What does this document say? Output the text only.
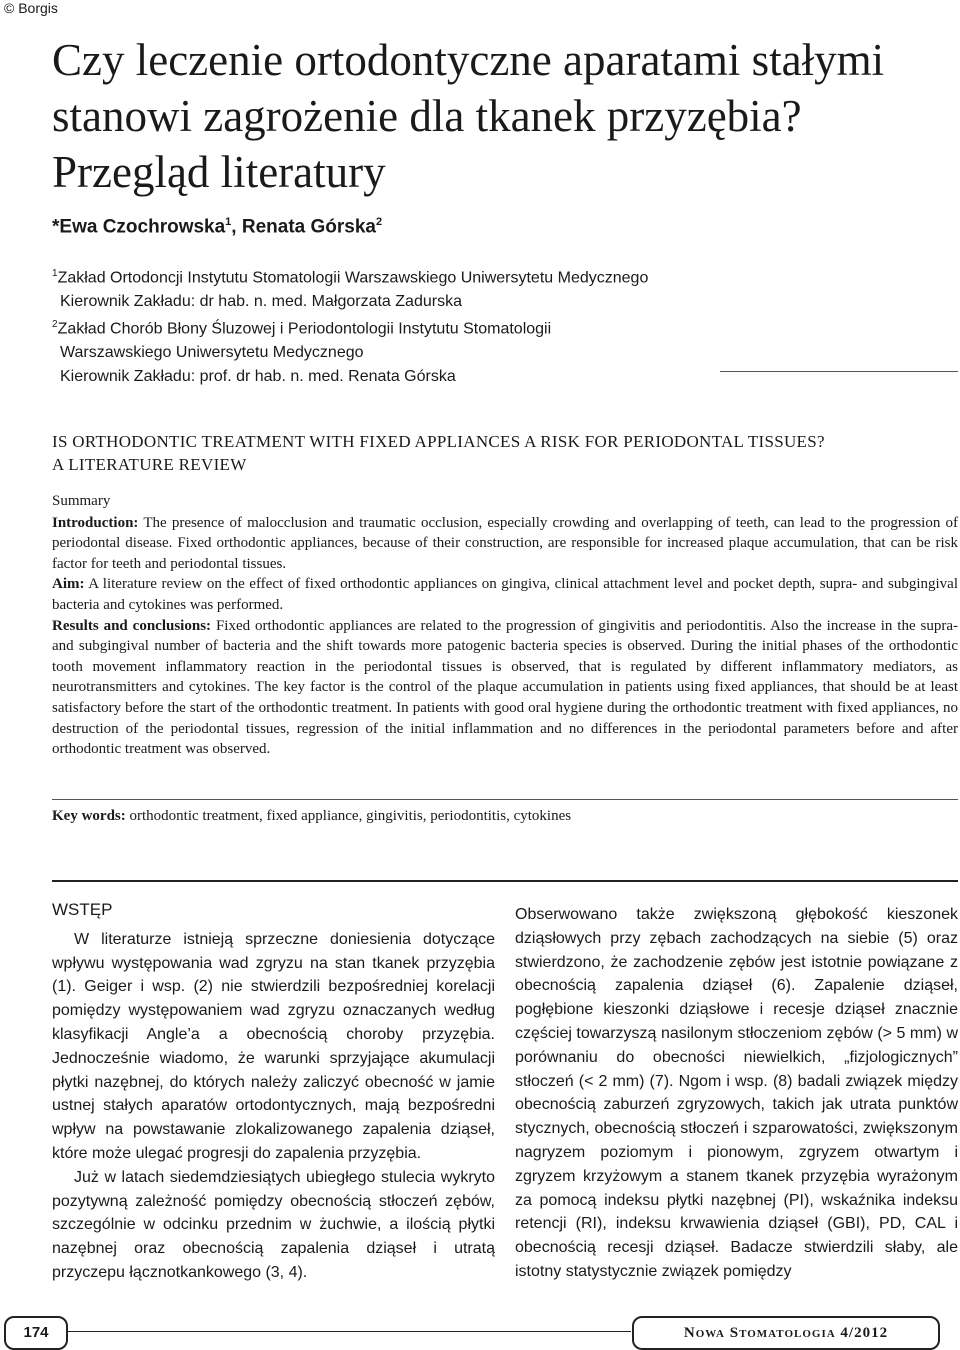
© Borgis
Czy leczenie ortodontyczne aparatami stałymi
stanowi zagrożenie dla tkanek przyzębia?
Przegląd literatury
*Ewa Czochrowska$^1$, Renata Górska$^2$
$^1$Zakład Ortodoncji Instytutu Stomatologii Warszawskiego Uniwersytetu Medycznego
Kierownik Zakładu: dr hab. n. med. Małgorzata Zadurska
$^2$Zakład Chorób Błony Śluzowej i Periodontologii Instytutu Stomatologii
Warszawskiego Uniwersytetu Medycznego
Kierownik Zakładu: prof. dr hab. n. med. Renata Górska
IS ORTHODONTIC TREATMENT WITH FIXED APPLIANCES A RISK FOR PERIODONTAL TISSUES?
A LITERATURE REVIEW

Summary

Introduction: The presence of malocclusion and traumatic occlusion, especially crowding and overlapping of teeth, can lead to the progression of periodontal disease. Fixed orthodontic appliances, because of their construction, are responsible for increased plaque accumulation, that can be risk factor for teeth and periodontal tissues.

Aim: A literature review on the effect of fixed orthodontic appliances on gingiva, clinical attachment level and pocket depth, supra- and subgingival bacteria and cytokines was performed.

Results and conclusions: Fixed orthodontic appliances are related to the progression of gingivitis and periodontitis. Also the increase in the supra- and subgingival number of bacteria and the shift towards more patogenic bacteria species is observed. During the initial phases of the orthodontic tooth movement inflammatory reaction in the periodontal tissues is observed, that is regulated by different inflammatory mediators, as neurotransmitters and cytokines. The key factor is the control of the plaque accumulation in patients using fixed appliances, that should be at least satisfactory before the start of the orthodontic treatment. In patients with good oral hygiene during the orthodontic treatment with fixed appliances, no destruction of the periodontal tissues, regression of the initial inflammation and no differences in the periodontal parameters before and after orthodontic treatment was observed.

Key words: orthodontic treatment, fixed appliance, gingivitis, periodontitis, cytokines
WSTĘP

W literaturze istnieją sprzeczne doniesienia dotyczące wpływu występowania wad zgryzu na stan tkanek przyzębia (1). Geiger i wsp. (2) nie stwierdzili bezpośredniej korelacji pomiędzy występowaniem wad zgryzu oznaczanych według klasyfikacji Angle’a a obecnością choroby przyzębia. Jednocześnie wiadomo, że warunki sprzyjające akumulacji płytki nazębnej, do których należy zaliczyć obecność w jamie ustnej stałych aparatów ortodontycznych, mają bezpośredni wpływ na powstawanie zlokalizowanego zapalenia dziąseł, które może ulegać progresji do zapalenia przyzębia.

Już w latach siedemdziesiątych ubiegłego stulecia wykryto pozytywną zależność pomiędzy obecnością stłoczeń zębów, szczególnie w odcinku przednim w żuchwie, a ilością płytki nazębnej oraz obecnością zapalenia dziąseł i utratą przyczepu łącznotkankowego (3, 4).

Obserwowano także zwiększoną głębokość kieszonek dziąsłowych przy zębach zachodzących na siebie (5) oraz stwierdzono, że zachodzenie zębów jest istotnie powiązane z obecnością zapalenia dziąseł (6). Zapalenie dziąseł, pogłębione kieszonki dziąsłowe i recesje dziąseł znacznie częściej towarzyszą nasilonym stłoczeniom zębów (> 5 mm) w porównaniu do obecności niewielkich, „fizjologicznych” stłoczeń (< 2 mm) (7). Ngom i wsp. (8) badali związek między obecnością zaburzeń zgryzowych, takich jak utrata punktów stycznych, obecnością stłoczeń i szparowatości, zwiększonym nagryzem poziomym i pionowym, zgryzem otwartym i zgryzem krzyżowym a stanem tkanek przyzębia wyrażonym za pomocą indeksu płytki nazębnej (PI), wskaźnika indeksu retencji (RI), indeksu krwawienia dziąseł (GBI), PD, CAL i obecnością recesji dziąseł. Badacze stwierdzili słaby, ale istotny statystycznie związek pomiędzy

174	Nowa Stomatologia 4/2012
